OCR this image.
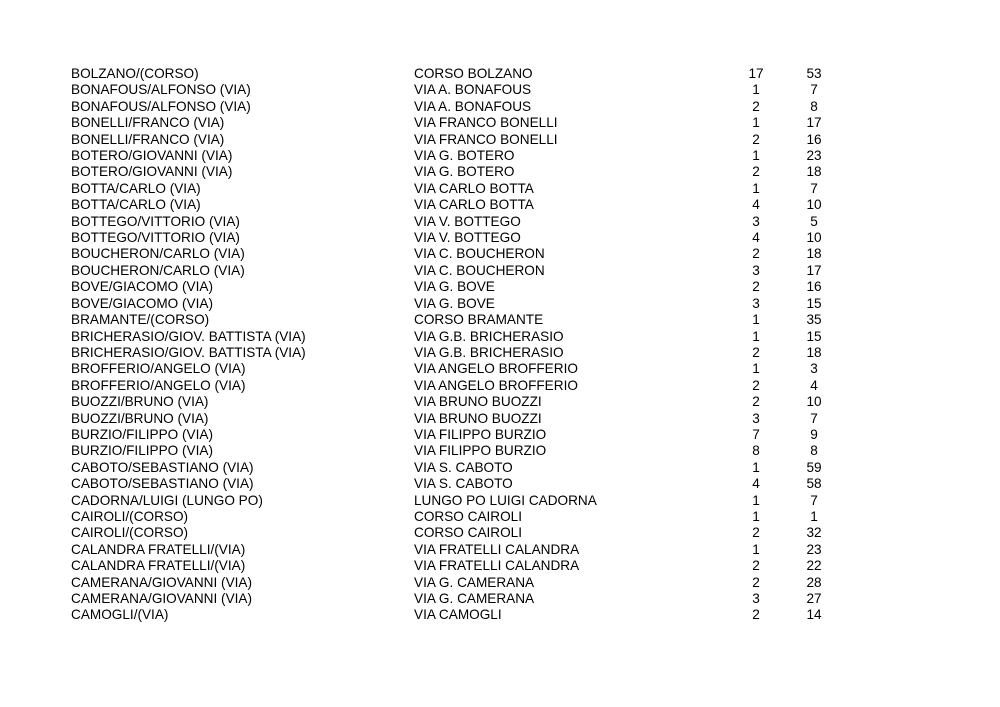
BOLZANO/(CORSO)	CORSO BOLZANO	17	53
BONAFOUS/ALFONSO (VIA)	VIA A. BONAFOUS	1	7
BONAFOUS/ALFONSO (VIA)	VIA A. BONAFOUS	2	8
BONELLI/FRANCO (VIA)	VIA FRANCO BONELLI	1	17
BONELLI/FRANCO (VIA)	VIA FRANCO BONELLI	2	16
BOTERO/GIOVANNI (VIA)	VIA G. BOTERO	1	23
BOTERO/GIOVANNI (VIA)	VIA G. BOTERO	2	18
BOTTA/CARLO (VIA)	VIA CARLO BOTTA	1	7
BOTTA/CARLO (VIA)	VIA CARLO BOTTA	4	10
BOTTEGO/VITTORIO (VIA)	VIA V. BOTTEGO	3	5
BOTTEGO/VITTORIO (VIA)	VIA V. BOTTEGO	4	10
BOUCHERON/CARLO (VIA)	VIA C. BOUCHERON	2	18
BOUCHERON/CARLO (VIA)	VIA C. BOUCHERON	3	17
BOVE/GIACOMO (VIA)	VIA G. BOVE	2	16
BOVE/GIACOMO (VIA)	VIA G. BOVE	3	15
BRAMANTE/(CORSO)	CORSO BRAMANTE	1	35
BRICHERASIO/GIOV. BATTISTA (VIA)	VIA G.B. BRICHERASIO	1	15
BRICHERASIO/GIOV. BATTISTA (VIA)	VIA G.B. BRICHERASIO	2	18
BROFFERIO/ANGELO (VIA)	VIA ANGELO BROFFERIO	1	3
BROFFERIO/ANGELO (VIA)	VIA ANGELO BROFFERIO	2	4
BUOZZI/BRUNO (VIA)	VIA BRUNO BUOZZI	2	10
BUOZZI/BRUNO (VIA)	VIA BRUNO BUOZZI	3	7
BURZIO/FILIPPO (VIA)	VIA FILIPPO BURZIO	7	9
BURZIO/FILIPPO (VIA)	VIA FILIPPO BURZIO	8	8
CABOTO/SEBASTIANO (VIA)	VIA S. CABOTO	1	59
CABOTO/SEBASTIANO (VIA)	VIA S. CABOTO	4	58
CADORNA/LUIGI (LUNGO PO)	LUNGO PO LUIGI CADORNA	1	7
CAIROLI/(CORSO)	CORSO CAIROLI	1	1
CAIROLI/(CORSO)	CORSO CAIROLI	2	32
CALANDRA FRATELLI/(VIA)	VIA FRATELLI CALANDRA	1	23
CALANDRA FRATELLI/(VIA)	VIA FRATELLI CALANDRA	2	22
CAMERANA/GIOVANNI (VIA)	VIA G. CAMERANA	2	28
CAMERANA/GIOVANNI (VIA)	VIA G. CAMERANA	3	27
CAMOGLI/(VIA)	VIA CAMOGLI	2	14
